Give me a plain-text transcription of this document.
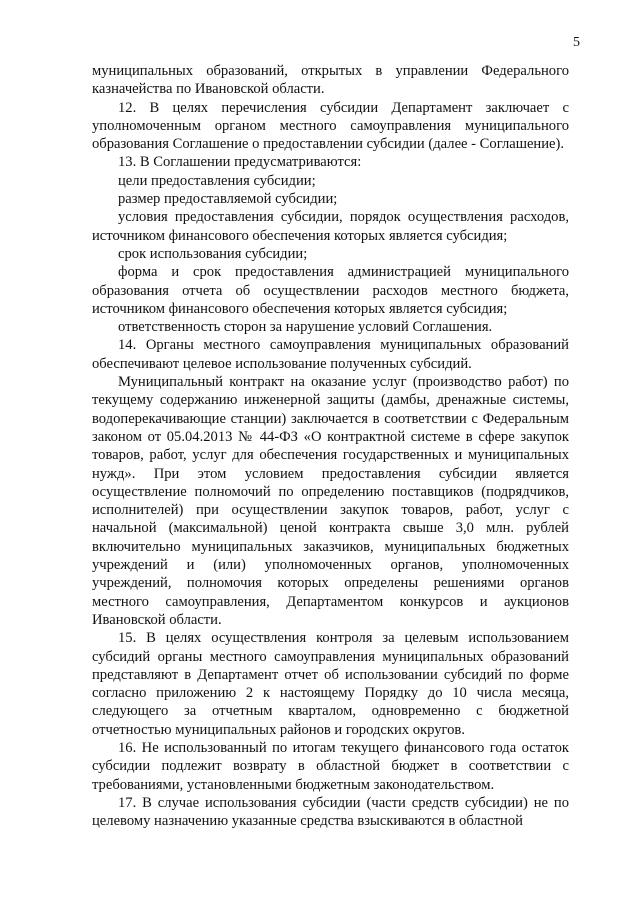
5

муниципальных образований, открытых в управлении Федерального казначейства по Ивановской области.

12. В целях перечисления субсидии Департамент заключает с уполномоченным органом местного самоуправления муниципального образования Соглашение о предоставлении субсидии (далее - Соглашение).

13. В Соглашении предусматриваются:

цели предоставления субсидии;

размер предоставляемой субсидии;

условия предоставления субсидии, порядок осуществления расходов, источником финансового обеспечения которых является субсидия;

срок использования субсидии;

форма и срок предоставления администрацией муниципального образования отчета об осуществлении расходов местного бюджета, источником финансового обеспечения которых является субсидия;

ответственность сторон за нарушение условий Соглашения.

14. Органы местного самоуправления муниципальных образований обеспечивают целевое использование полученных субсидий.

Муниципальный контракт на оказание услуг (производство работ) по текущему содержанию инженерной защиты (дамбы, дренажные системы, водоперекачивающие станции) заключается в соответствии с Федеральным законом от 05.04.2013 № 44-ФЗ «О контрактной системе в сфере закупок товаров, работ, услуг для обеспечения государственных и муниципальных нужд». При этом условием предоставления субсидии является осуществление полномочий по определению поставщиков (подрядчиков, исполнителей) при осуществлении закупок товаров, работ, услуг с начальной (максимальной) ценой контракта свыше 3,0 млн. рублей включительно муниципальных заказчиков, муниципальных бюджетных учреждений и (или) уполномоченных органов, уполномоченных учреждений, полномочия которых определены решениями органов местного самоуправления, Департаментом конкурсов и аукционов Ивановской области.

15. В целях осуществления контроля за целевым использованием субсидий органы местного самоуправления муниципальных образований представляют в Департамент отчет об использовании субсидий по форме согласно приложению 2 к настоящему Порядку до 10 числа месяца, следующего за отчетным кварталом, одновременно с бюджетной отчетностью муниципальных районов и городских округов.

16. Не использованный по итогам текущего финансового года остаток субсидии подлежит возврату в областной бюджет в соответствии с требованиями, установленными бюджетным законодательством.

17. В случае использования субсидии (части средств субсидии) не по целевому назначению указанные средства взыскиваются в областной
